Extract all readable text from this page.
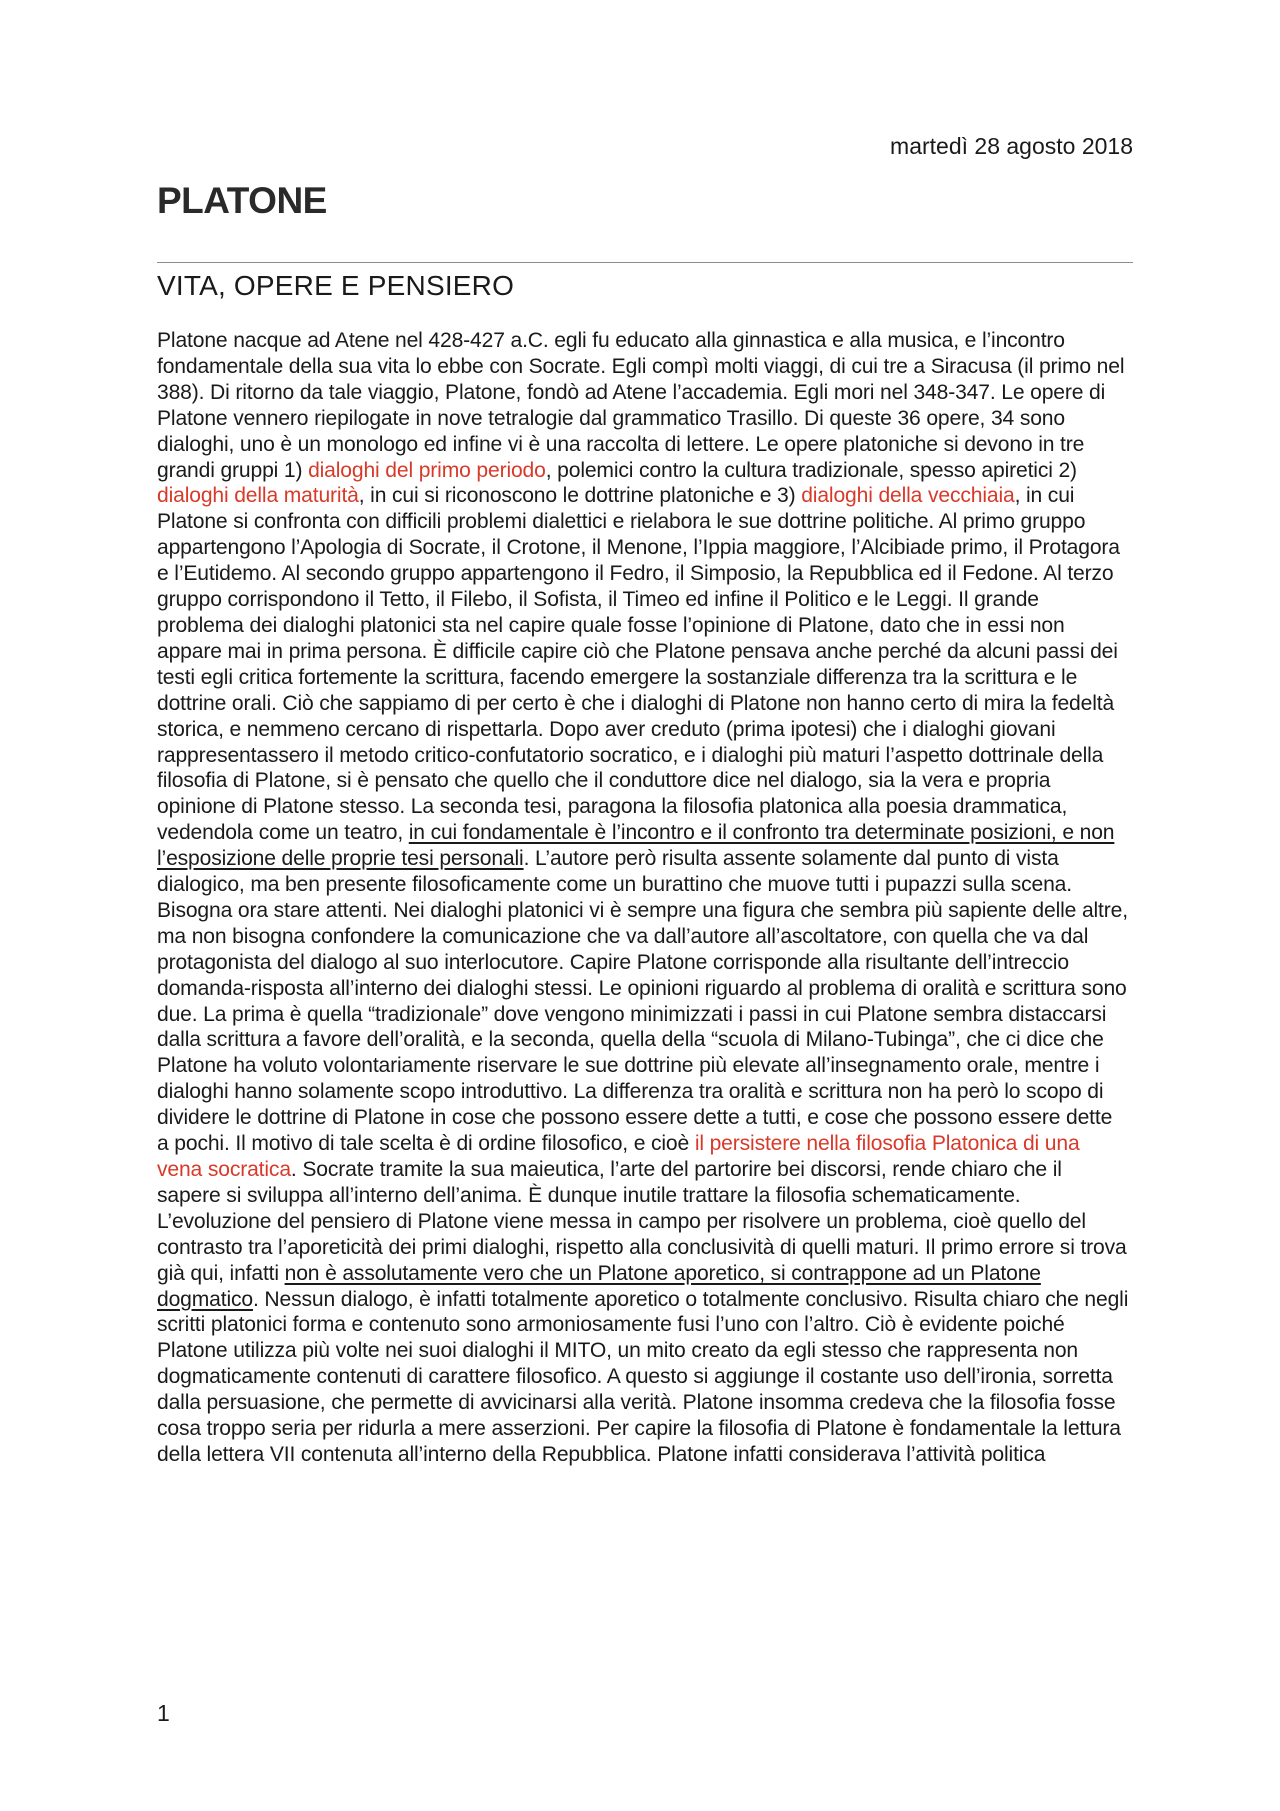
martedì 28 agosto 2018
PLATONE
VITA, OPERE E PENSIERO

Platone nacque ad Atene nel 428-427 a.C. egli fu educato alla ginnastica e alla musica, e l’incontro fondamentale della sua vita lo ebbe con Socrate. Egli compì molti viaggi, di cui tre a Siracusa (il primo nel 388). Di ritorno da tale viaggio, Platone, fondò ad Atene l’accademia. Egli mori nel 348-347. Le opere di Platone vennero riepilogate in nove tetralogie dal grammatico Trasillo. Di queste 36 opere, 34 sono dialoghi, uno è un monologo ed infine vi è una raccolta di lettere. Le opere platoniche si devono in tre grandi gruppi 1) dialoghi del primo periodo, polemici contro la cultura tradizionale, spesso apiretici 2) dialoghi della maturità, in cui si riconoscono le dottrine platoniche e 3) dialoghi della vecchiaia, in cui Platone si confronta con difficili problemi dialettici e rielabora le sue dottrine politiche. Al primo gruppo appartengono l’Apologia di Socrate, il Crotone, il Menone, l’Ippia maggiore, l’Alcibiade primo, il Protagora e l’Eutidemo. Al secondo gruppo appartengono il Fedro, il Simposio, la Repubblica ed il Fedone. Al terzo gruppo corrispondono il Tetto, il Filebo, il Sofista, il Timeo ed infine il Politico e le Leggi. Il grande problema dei dialoghi platonici sta nel capire quale fosse l’opinione di Platone, dato che in essi non appare mai in prima persona. È difficile capire ciò che Platone pensava anche perché da alcuni passi dei testi egli critica fortemente la scrittura, facendo emergere la sostanziale differenza tra la scrittura e le dottrine orali. Ciò che sappiamo di per certo è che i dialoghi di Platone non hanno certo di mira la fedeltà storica, e nemmeno cercano di rispettarla. Dopo aver creduto (prima ipotesi) che i dialoghi giovani rappresentassero il metodo critico-confutatorio socratico, e i dialoghi più maturi l’aspetto dottrinale della filosofia di Platone, si è pensato che quello che il conduttore dice nel dialogo, sia la vera e propria opinione di Platone stesso. La seconda tesi, paragona la filosofia platonica alla poesia drammatica, vedendola come un teatro, in cui fondamentale è l’incontro e il confronto tra determinate posizioni, e non l’esposizione delle proprie tesi personali. L’autore però risulta assente solamente dal punto di vista dialogico, ma ben presente filosoficamente come un burattino che muove tutti i pupazzi sulla scena. Bisogna ora stare attenti. Nei dialoghi platonici vi è sempre una figura che sembra più sapiente delle altre, ma non bisogna confondere la comunicazione che va dall’autore all’ascoltatore, con quella che va dal protagonista del dialogo al suo interlocutore. Capire Platone corrisponde alla risultante dell’intreccio domanda-risposta all’interno dei dialoghi stessi. Le opinioni riguardo al problema di oralità e scrittura sono due. La prima è quella “tradizionale” dove vengono minimizzati i passi in cui Platone sembra distaccarsi dalla scrittura a favore dell’oralità, e la seconda, quella della “scuola di Milano-Tubinga”, che ci dice che Platone ha voluto volontariamente riservare le sue dottrine più elevate all’insegnamento orale, mentre i dialoghi hanno solamente scopo introduttivo. La differenza tra oralità e scrittura non ha però lo scopo di dividere le dottrine di Platone in cose che possono essere dette a tutti, e cose che possono essere dette a pochi. Il motivo di tale scelta è di ordine filosofico, e cioè il persistere nella filosofia Platonica di una vena socratica. Socrate tramite la sua maieutica, l’arte del partorire bei discorsi, rende chiaro che il sapere si sviluppa all’interno dell’anima. È dunque inutile trattare la filosofia schematicamente. L’evoluzione del pensiero di Platone viene messa in campo per risolvere un problema, cioè quello del contrasto tra l’aporeticità dei primi dialoghi, rispetto alla conclusività di quelli maturi. Il primo errore si trova già qui, infatti non è assolutamente vero che un Platone aporetico, si contrappone ad un Platone dogmatico. Nessun dialogo, è infatti totalmente aporetico o totalmente conclusivo. Risulta chiaro che negli scritti platonici forma e contenuto sono armoniosamente fusi l’uno con l’altro. Ciò è evidente poiché Platone utilizza più volte nei suoi dialoghi il MITO, un mito creato da egli stesso che rappresenta non dogmaticamente contenuti di carattere filosofico. A questo si aggiunge il costante uso dell’ironia, sorretta dalla persuasione, che permette di avvicinarsi alla verità. Platone insomma credeva che la filosofia fosse cosa troppo seria per ridurla a mere asserzioni. Per capire la filosofia di Platone è fondamentale la lettura della lettera VII contenuta all’interno della Repubblica. Platone infatti considerava l’attività politica

1
